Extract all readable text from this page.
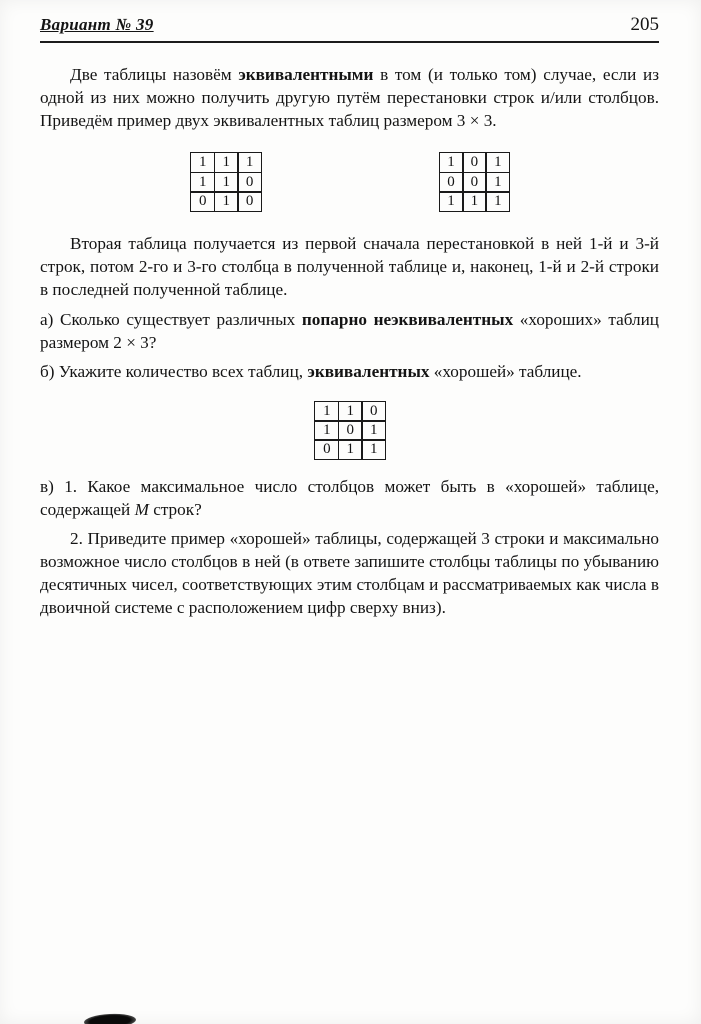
Вариант № 39	205

Две таблицы назовём эквивалентными в том (и только том) случае, если из одной из них можно получить другую путём перестановки строк и/или столбцов. Приведём пример двух эквивалентных таблиц размером 3 × 3.

1	1	1
1	1	0
0	1	0
1	0	1
0	0	1
1	1	1

Вторая таблица получается из первой сначала перестановкой в ней 1-й и 3-й строк, потом 2-го и 3-го столбца в полученной таблице и, наконец, 1-й и 2-й строки в последней полученной таблице.

а) Сколько существует различных попарно неэквивалентных «хороших» таблиц размером 2 × 3?

б) Укажите количество всех таблиц, эквивалентных «хорошей» таблице.

1	1	0
1	0	1
0	1	1

в) 1. Какое максимальное число столбцов может быть в «хорошей» таблице, содержащей M строк?

2. Приведите пример «хорошей» таблицы, содержащей 3 строки и максимально возможное число столбцов в ней (в ответе запишите столбцы таблицы по убыванию десятичных чисел, соответствующих этим столбцам и рассматриваемых как числа в двоичной системе с расположением цифр сверху вниз).
